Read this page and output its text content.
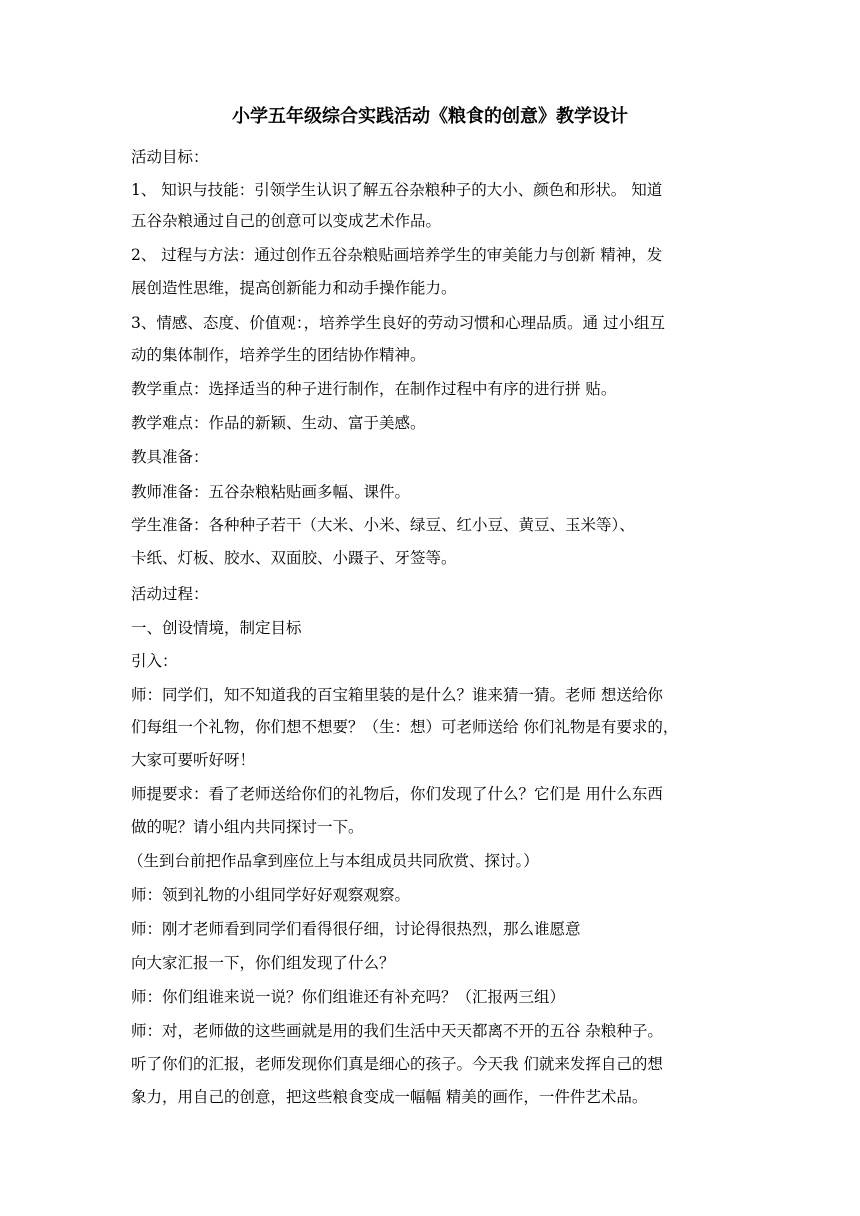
小学五年级综合实践活动《粮食的创意》教学设计
活动目标：
1、 知识与技能：引领学生认识了解五谷杂粮种子的大小、颜色和形状。 知道
五谷杂粮通过自己的创意可以变成艺术作品。
2、 过程与方法：通过创作五谷杂粮贴画培养学生的审美能力与创新 精神，发
展创造性思维，提高创新能力和动手操作能力。
3、情感、态度、价值观：，培养学生良好的劳动习惯和心理品质。通 过小组互
动的集体制作，培养学生的团结协作精神。
教学重点：选择适当的种子进行制作，在制作过程中有序的进行拼 贴。
教学难点：作品的新颖、生动、富于美感。
教具准备：
教师准备：五谷杂粮粘贴画多幅、课件。
学生准备：各种种子若干（大米、小米、绿豆、红小豆、黄豆、玉米等）、
卡纸、灯板、胶水、双面胶、小蹑子、牙签等。
活动过程：
一、创设情境，制定目标
引入：
师：同学们，知不知道我的百宝箱里装的是什么？谁来猜一猜。老师 想送给你
们每组一个礼物，你们想不想要？（生：想）可老师送给 你们礼物是有要求的，
大家可要听好呀！
师提要求：看了老师送给你们的礼物后，你们发现了什么？它们是 用什么东西
做的呢？请小组内共同探讨一下。
（生到台前把作品拿到座位上与本组成员共同欣赏、探讨。）
师：领到礼物的小组同学好好观察观察。
师：刚才老师看到同学们看得很仔细，讨论得很热烈，那么谁愿意
向大家汇报一下，你们组发现了什么？
师：你们组谁来说一说？你们组谁还有补充吗？（汇报两三组）
师：对，老师做的这些画就是用的我们生活中天天都离不开的五谷 杂粮种子。
听了你们的汇报，老师发现你们真是细心的孩子。今天我 们就来发挥自己的想
象力，用自己的创意，把这些粮食变成一幅幅 精美的画作，一件件艺术品。
